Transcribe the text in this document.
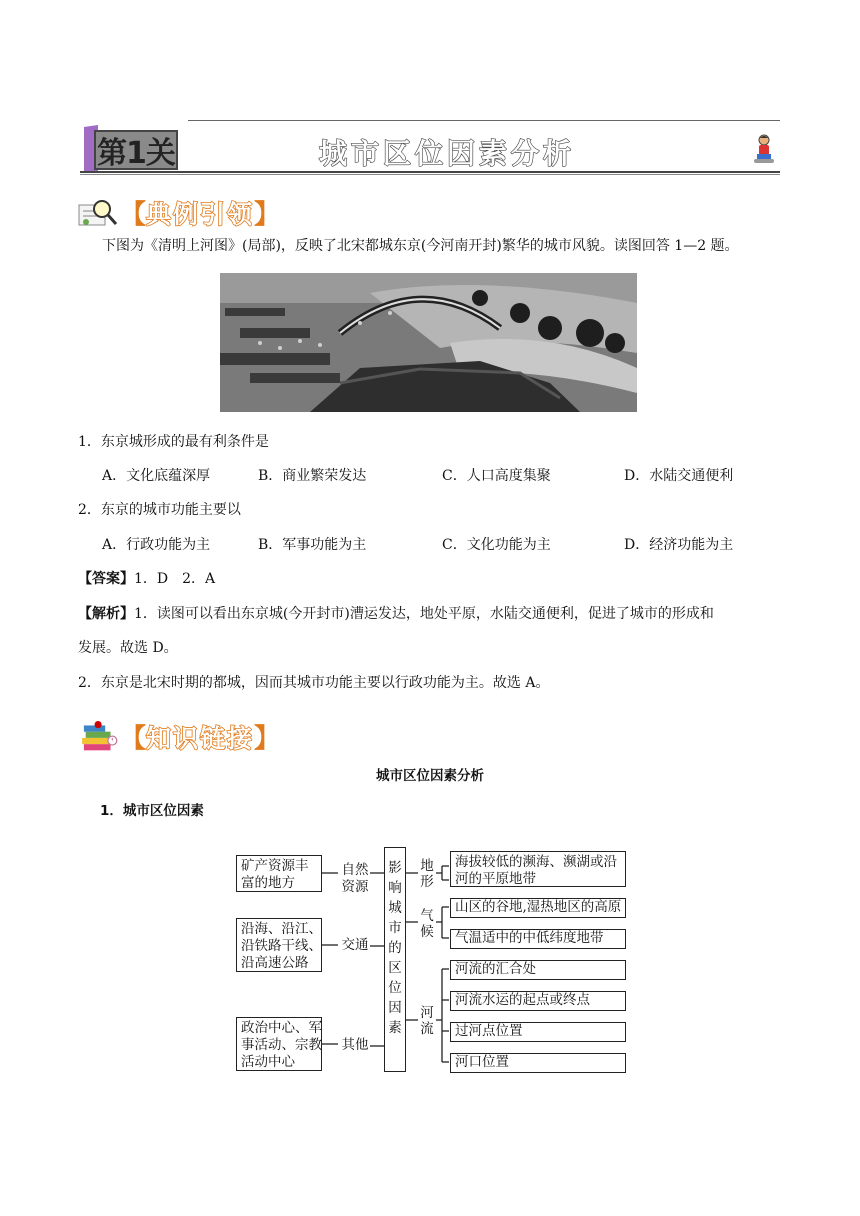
第1关	城市区位因素分析
【 典例引领 】
下图为《清明上河图》(局部)，反映了北宋都城东京(今河南开封)繁华的城市风貌。读图回答 1—2 题。
1．东京城形成的最有利条件是
A．文化底蕴深厚	B．商业繁荣发达	C．人口高度集聚	D．水陆交通便利
2．东京的城市功能主要以
A．行政功能为主	B．军事功能为主	C．文化功能为主	D．经济功能为主
【答案】1．D　2．A
【解析】1．读图可以看出东京城(今开封市)漕运发达，地处平原，水陆交通便利，促进了城市的形成和
发展。故选 D。
2．东京是北宋时期的都城，因而其城市功能主要以行政功能为主。故选 A。
【 知识链接 】
城市区位因素分析
1．城市区位因素
矿产资源丰
富的地方
沿海、沿江、
沿铁路干线、
沿高速公路
政治中心、军
事活动、宗教
活动中心
自然
资源
交通
其他
影响城市的区位因素
地形
气候
河流
海拔较低的濒海、濒湖或沿
河的平原地带
山区的谷地,湿热地区的高原
气温适中的中低纬度地带
河流的汇合处
河流水运的起点或终点
过河点位置
河口位置
